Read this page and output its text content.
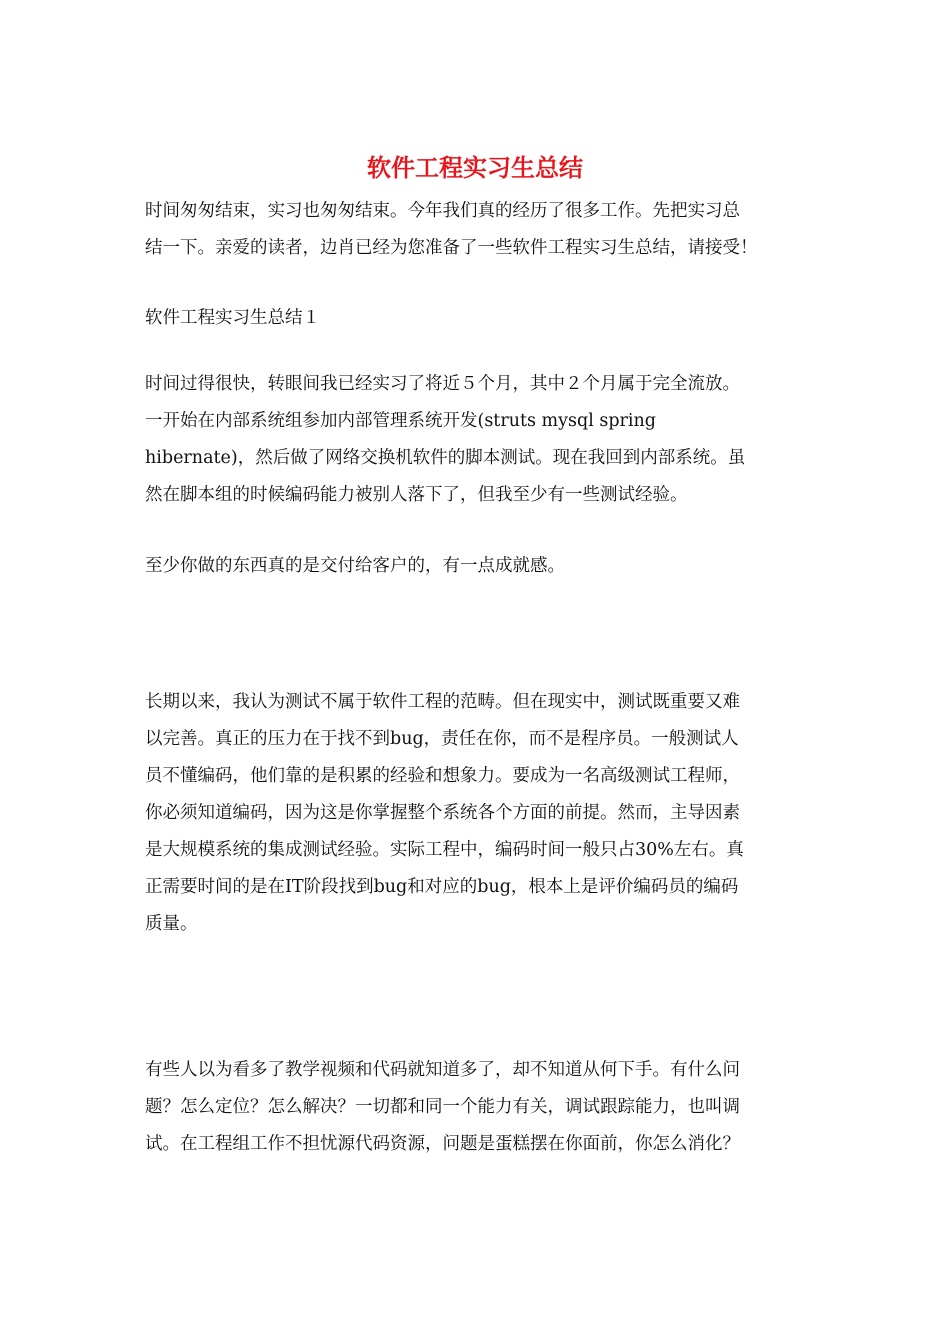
软件工程实习生总结

时间匆匆结束，实习也匆匆结束。今年我们真的经历了很多工作。先把实习总
结一下。亲爱的读者，边肖已经为您准备了一些软件工程实习生总结，请接受！

软件工程实习生总结１

时间过得很快，转眼间我已经实习了将近５个月，其中２个月属于完全流放。
一开始在内部系统组参加内部管理系统开发(struts mysql spring
hibernate)，然后做了网络交换机软件的脚本测试。现在我回到内部系统。虽
然在脚本组的时候编码能力被别人落下了，但我至少有一些测试经验。

至少你做的东西真的是交付给客户的，有一点成就感。

长期以来，我认为测试不属于软件工程的范畴。但在现实中，测试既重要又难
以完善。真正的压力在于找不到bug，责任在你，而不是程序员。一般测试人
员不懂编码，他们靠的是积累的经验和想象力。要成为一名高级测试工程师，
你必须知道编码，因为这是你掌握整个系统各个方面的前提。然而，主导因素
是大规模系统的集成测试经验。实际工程中，编码时间一般只占30%左右。真
正需要时间的是在IT阶段找到bug和对应的bug，根本上是评价编码员的编码
质量。

有些人以为看多了教学视频和代码就知道多了，却不知道从何下手。有什么问
题？怎么定位？怎么解决？一切都和同一个能力有关，调试跟踪能力，也叫调
试。在工程组工作不担忧源代码资源，问题是蛋糕摆在你面前，你怎么消化？
